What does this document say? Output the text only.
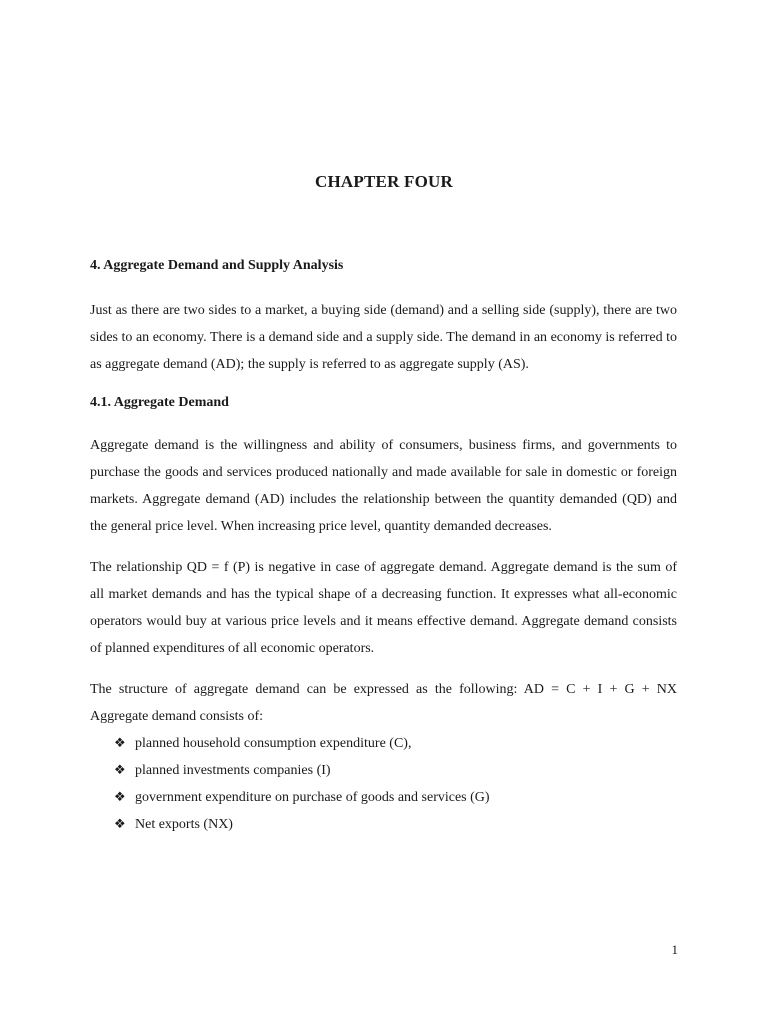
CHAPTER FOUR
4. Aggregate Demand and Supply Analysis

Just as there are two sides to a market, a buying side (demand) and a selling side (supply), there are two sides to an economy. There is a demand side and a supply side. The demand in an economy is referred to as aggregate demand (AD); the supply is referred to as aggregate supply (AS).

4.1. Aggregate Demand

Aggregate demand is the willingness and ability of consumers, business firms, and governments to purchase the goods and services produced nationally and made available for sale in domestic or foreign markets. Aggregate demand (AD) includes the relationship between the quantity demanded (QD) and the general price level. When increasing price level, quantity demanded decreases.

The relationship QD = f (P) is negative in case of aggregate demand. Aggregate demand is the sum of all market demands and has the typical shape of a decreasing function. It expresses what all-economic operators would buy at various price levels and it means effective demand. Aggregate demand consists of planned expenditures of all economic operators.

The structure of aggregate demand can be expressed as the following: AD = C + I + G + NX

Aggregate demand consists of:

❖ planned household consumption expenditure (C),
❖ planned investments companies (I)
❖ government expenditure on purchase of goods and services (G)
❖ Net exports (NX)
1
